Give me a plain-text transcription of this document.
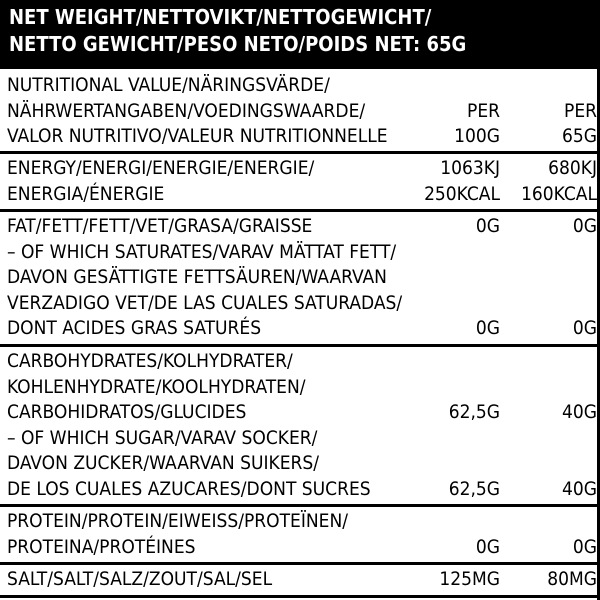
NET WEIGHT/NETTOVIKT/NETTOGEWICHT/
NETTO GEWICHT/PESO NETO/POIDS NET: 65G
NUTRITIONAL VALUE/NÄRINGSVÄRDE/
NÄHRWERTANGABEN/VOEDINGSWAARDE/	PER	PER
VALOR NUTRITIVO/VALEUR NUTRITIONNELLE	100G	65G
ENERGY/ENERGI/ENERGIE/ENERGIE/	1063KJ	680KJ
ENERGIA/ÉNERGIE	250KCAL 160KCAL
FAT/FETT/FETT/VET/GRASA/GRAISSE	0G	0G
– OF WHICH SATURATES/VARAV MÄTTAT FETT/
DAVON GESÄTTIGTE FETTSÄUREN/WAARVAN
VERZADIGO VET/DE LAS CUALES SATURADAS/
DONT ACIDES GRAS SATURÉS	0G	0G
CARBOHYDRATES/KOLHYDRATER/
KOHLENHYDRATE/KOOLHYDRATEN/
CARBOHIDRATOS/GLUCIDES	62,5G	40G
– OF WHICH SUGAR/VARAV SOCKER/
DAVON ZUCKER/WAARVAN SUIKERS/
DE LOS CUALES AZUCARES/DONT SUCRES	62,5G	40G
PROTEIN/PROTEIN/EIWEISS/PROTEÏNEN/
PROTEINA/PROTÉINES	0G	0G
SALT/SALT/SALZ/ZOUT/SAL/SEL	125MG 80MG
